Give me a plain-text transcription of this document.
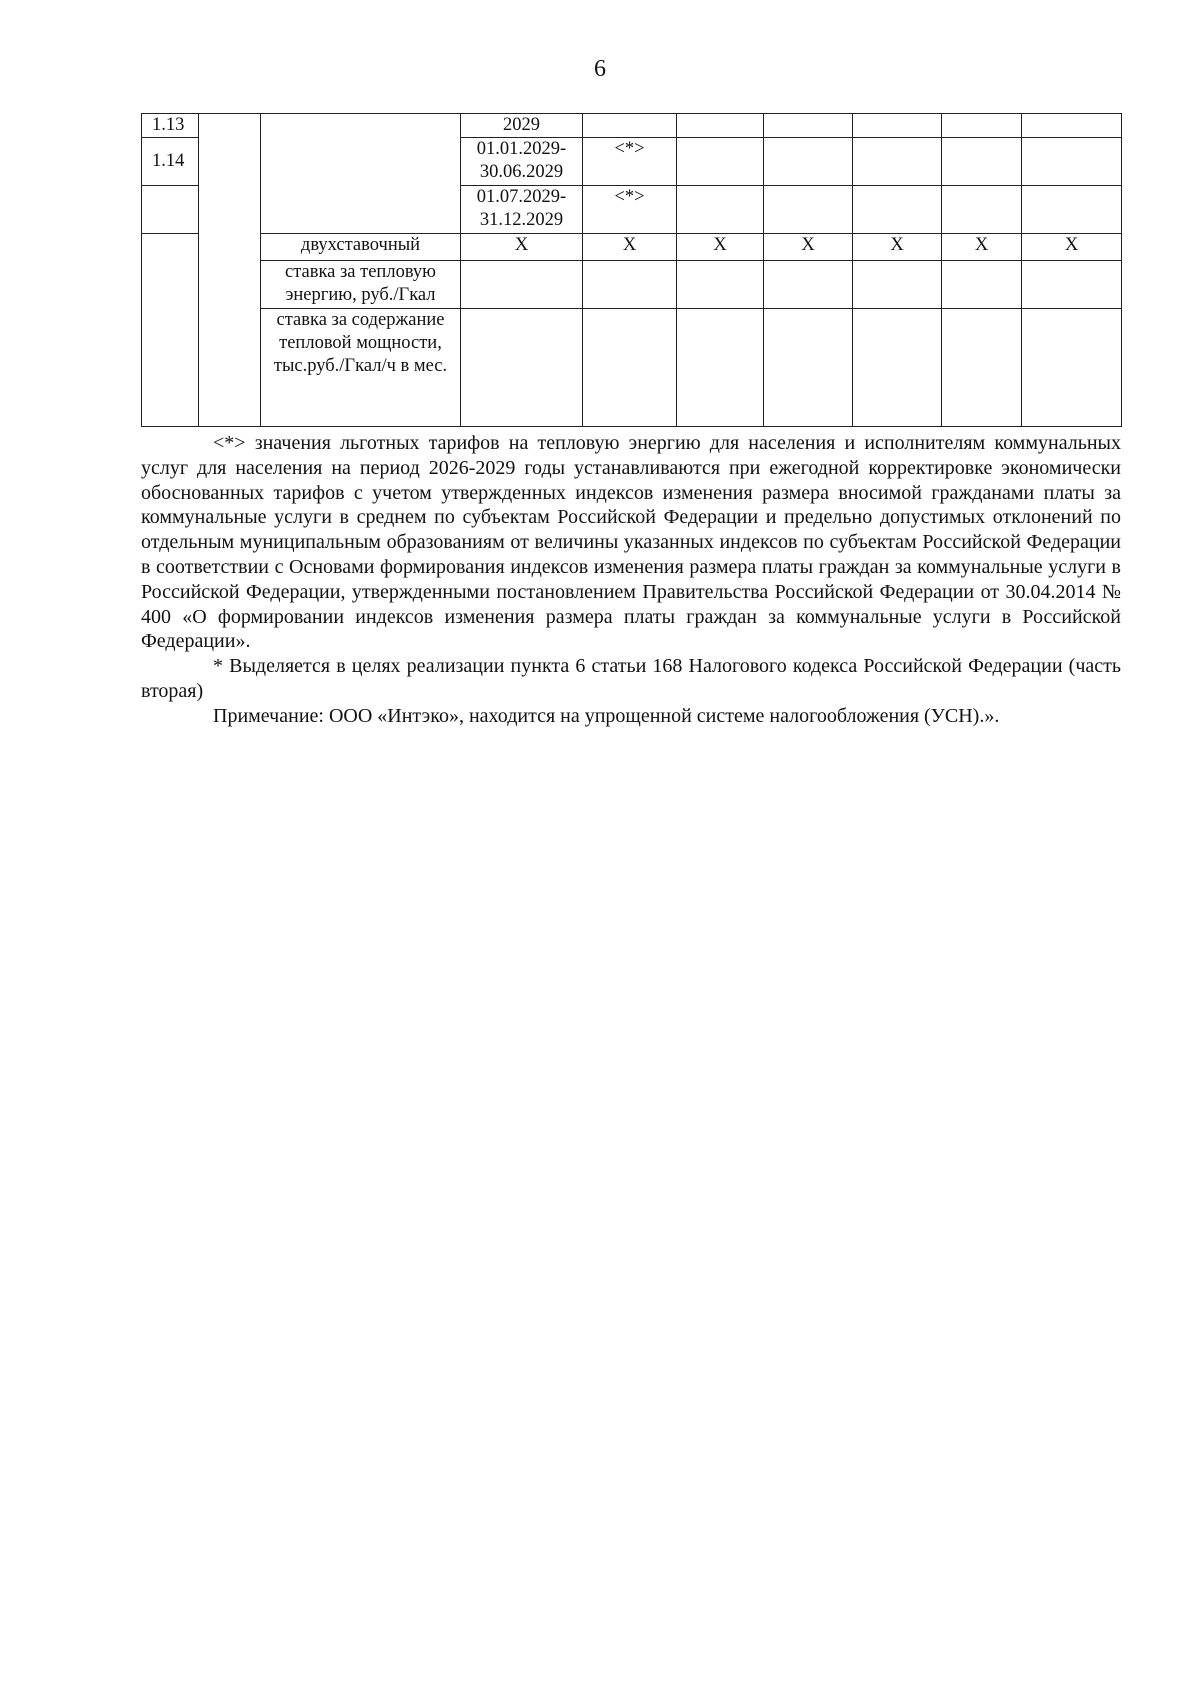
6
1.13			2029						
1.14			01.01.2029-30.06.2029	<*>					
			01.07.2029-31.12.2029	<*>					
		двухставочный	Х	Х	Х	Х	Х	Х	Х
		ставка за тепловую энергию, руб./Гкал							
		ставка за содержание тепловой мощности, тыс.руб./Гкал/ч в мес.							

<*> значения льготных тарифов на тепловую энергию для населения и исполнителям коммунальных услуг для населения на период 2026-2029 годы устанавливаются при ежегодной корректировке экономически обоснованных тарифов с учетом утвержденных индексов изменения размера вносимой гражданами платы за коммунальные услуги в среднем по субъектам Российской Федерации и предельно допустимых отклонений по отдельным муниципальным образованиям от величины указанных индексов по субъектам Российской Федерации в соответствии с Основами формирования индексов изменения размера платы граждан за коммунальные услуги в Российской Федерации, утвержденными постановлением Правительства Российской Федерации от 30.04.2014 № 400 «О формировании индексов изменения размера платы граждан за коммунальные услуги в Российской Федерации».

* Выделяется в целях реализации пункта 6 статьи 168 Налогового кодекса Российской Федерации (часть вторая)

Примечание: ООО «Интэко», находится на упрощенной системе налогообложения (УСН).».
